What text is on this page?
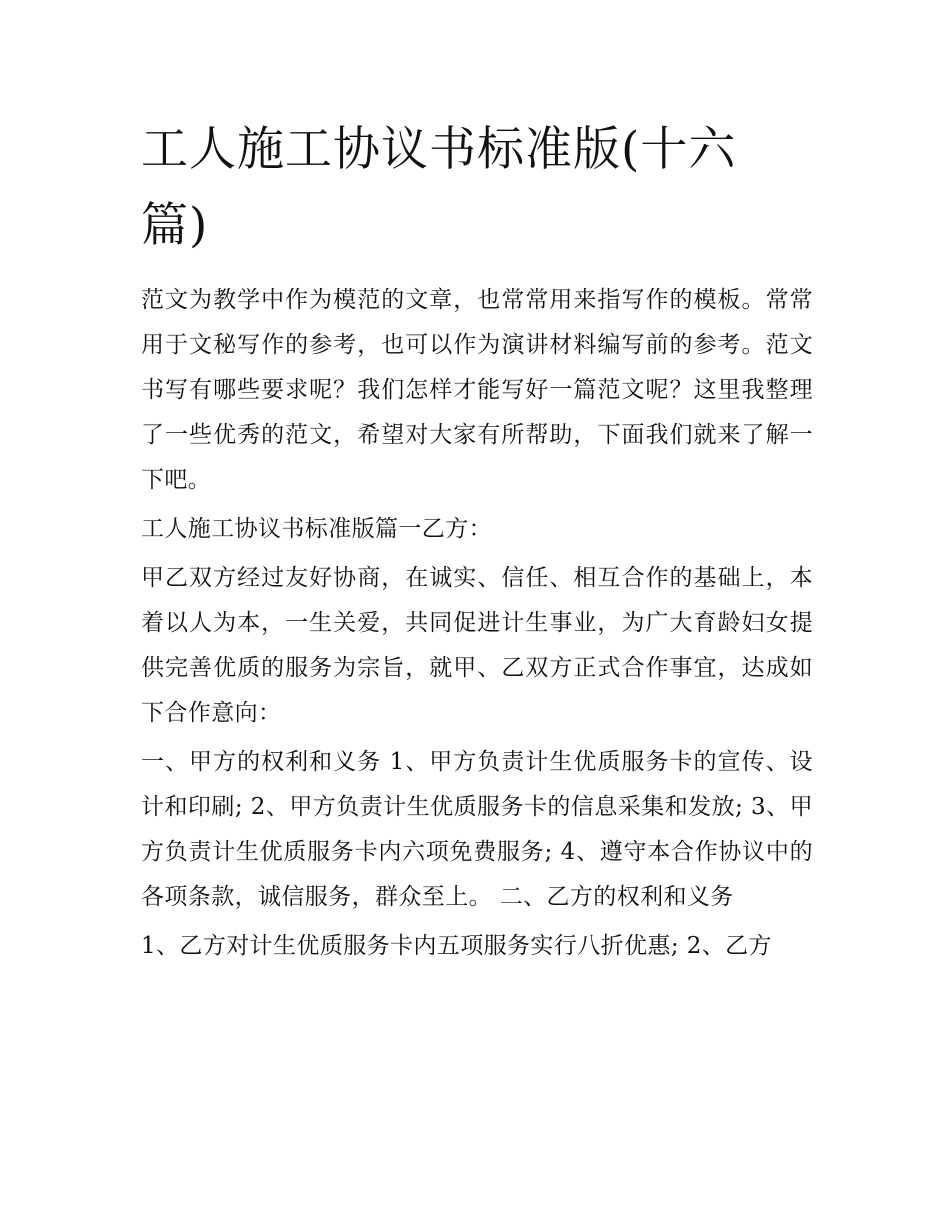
工人施工协议书标准版(十六篇)

范文为教学中作为模范的文章，也常常用来指写作的模板。常常用于文秘写作的参考，也可以作为演讲材料编写前的参考。范文书写有哪些要求呢？我们怎样才能写好一篇范文呢？这里我整理了一些优秀的范文，希望对大家有所帮助，下面我们就来了解一下吧。

工人施工协议书标准版篇一乙方：

甲乙双方经过友好协商，在诚实、信任、相互合作的基础上，本着以人为本，一生关爱，共同促进计生事业，为广大育龄妇女提供完善优质的服务为宗旨，就甲、乙双方正式合作事宜，达成如下合作意向：

一、甲方的权利和义务 1、甲方负责计生优质服务卡的宣传、设计和印刷; 2、甲方负责计生优质服务卡的信息采集和发放; 3、甲方负责计生优质服务卡内六项免费服务; 4、遵守本合作协议中的各项条款，诚信服务，群众至上。 二、乙方的权利和义务

1、乙方对计生优质服务卡内五项服务实行八折优惠; 2、乙方
